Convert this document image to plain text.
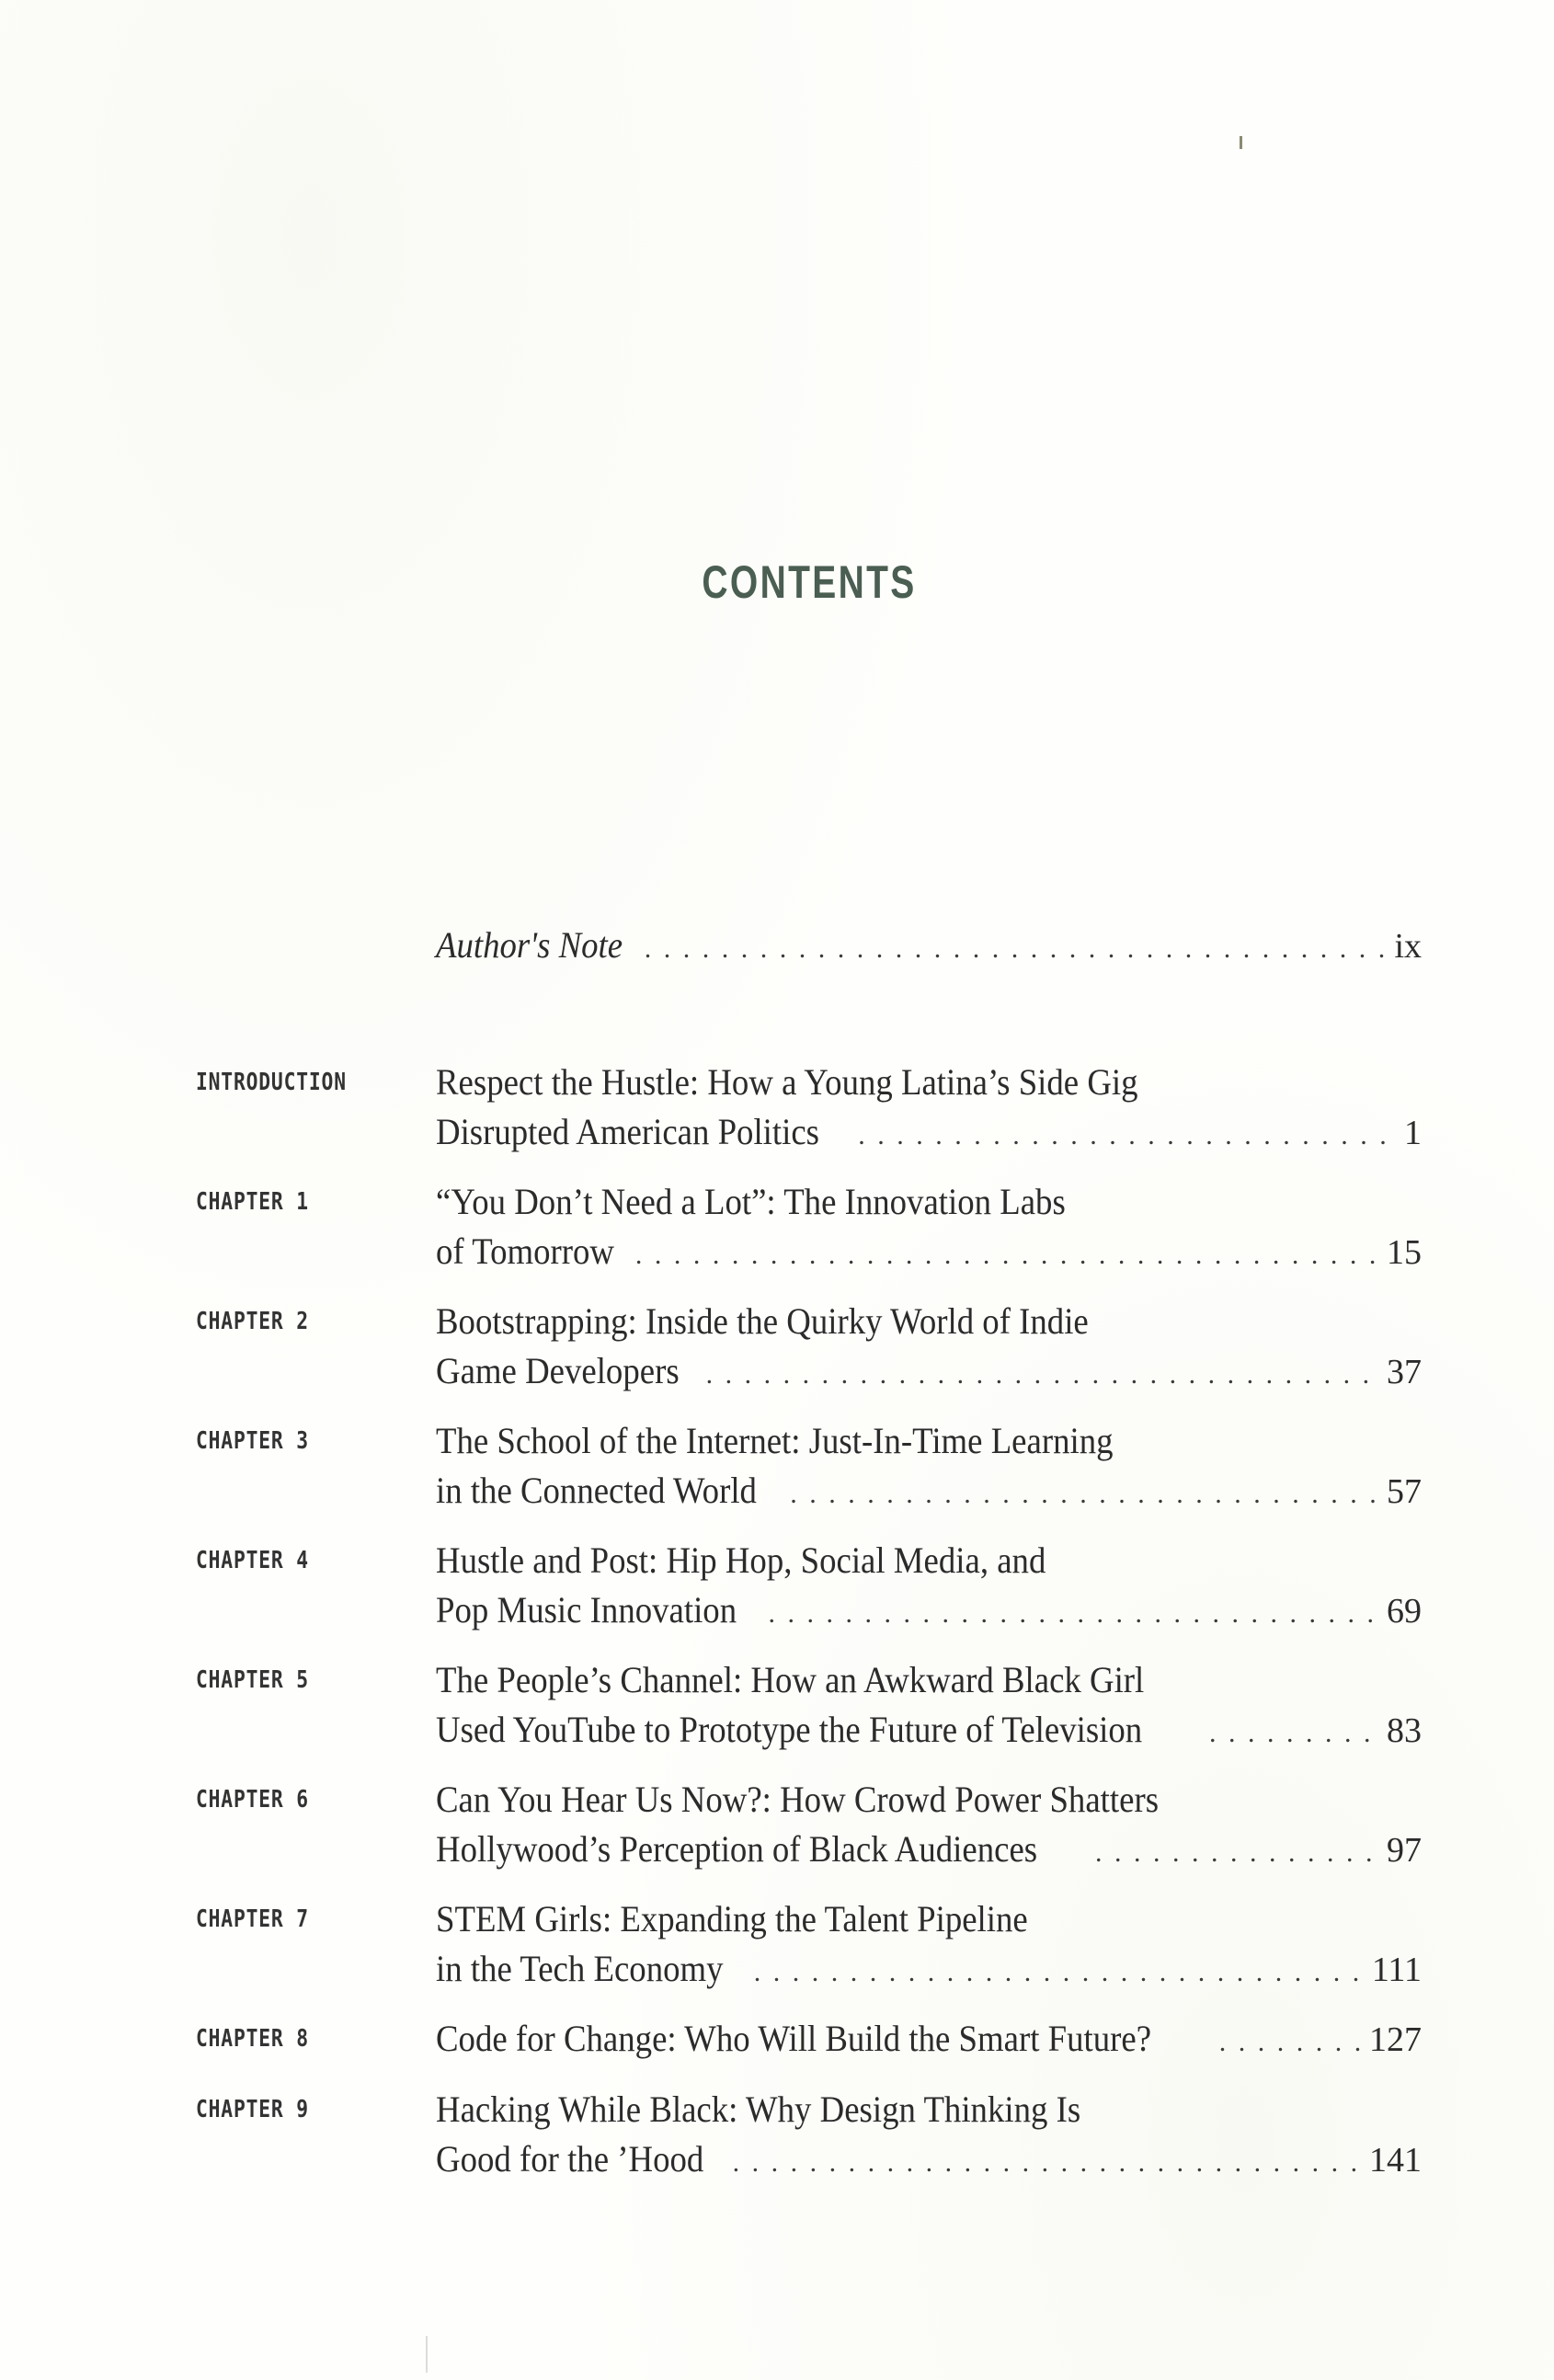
CONTENTS
Author's Note . . .	ix
INTRODUCTION Respect the Hustle: How a Young Latina’s Side Gig
Disrupted American Politics . . .	1
CHAPTER 1	“You Don’t Need a Lot”: The Innovation Labs
of Tomorrow . . .	15
CHAPTER 2	Bootstrapping: Inside the Quirky World of Indie
Game Developers . . .	37
CHAPTER 3	The School of the Internet: Just-In-Time Learning
in the Connected World . . .	57
CHAPTER 4	Hustle and Post: Hip Hop, Social Media, and
Pop Music Innovation . . .	69
CHAPTER 5	The People’s Channel: How an Awkward Black Girl
Used YouTube to Prototype the Future of Television . . .	83
CHAPTER 6	Can You Hear Us Now?: How Crowd Power Shatters
Hollywood’s Perception of Black Audiences . . .	97
CHAPTER 7	STEM Girls: Expanding the Talent Pipeline
in the Tech Economy . . .	111
CHAPTER 8	Code for Change: Who Will Build the Smart Future? . . .	127
CHAPTER 9	Hacking While Black: Why Design Thinking Is
Good for the ’Hood . . .	141
